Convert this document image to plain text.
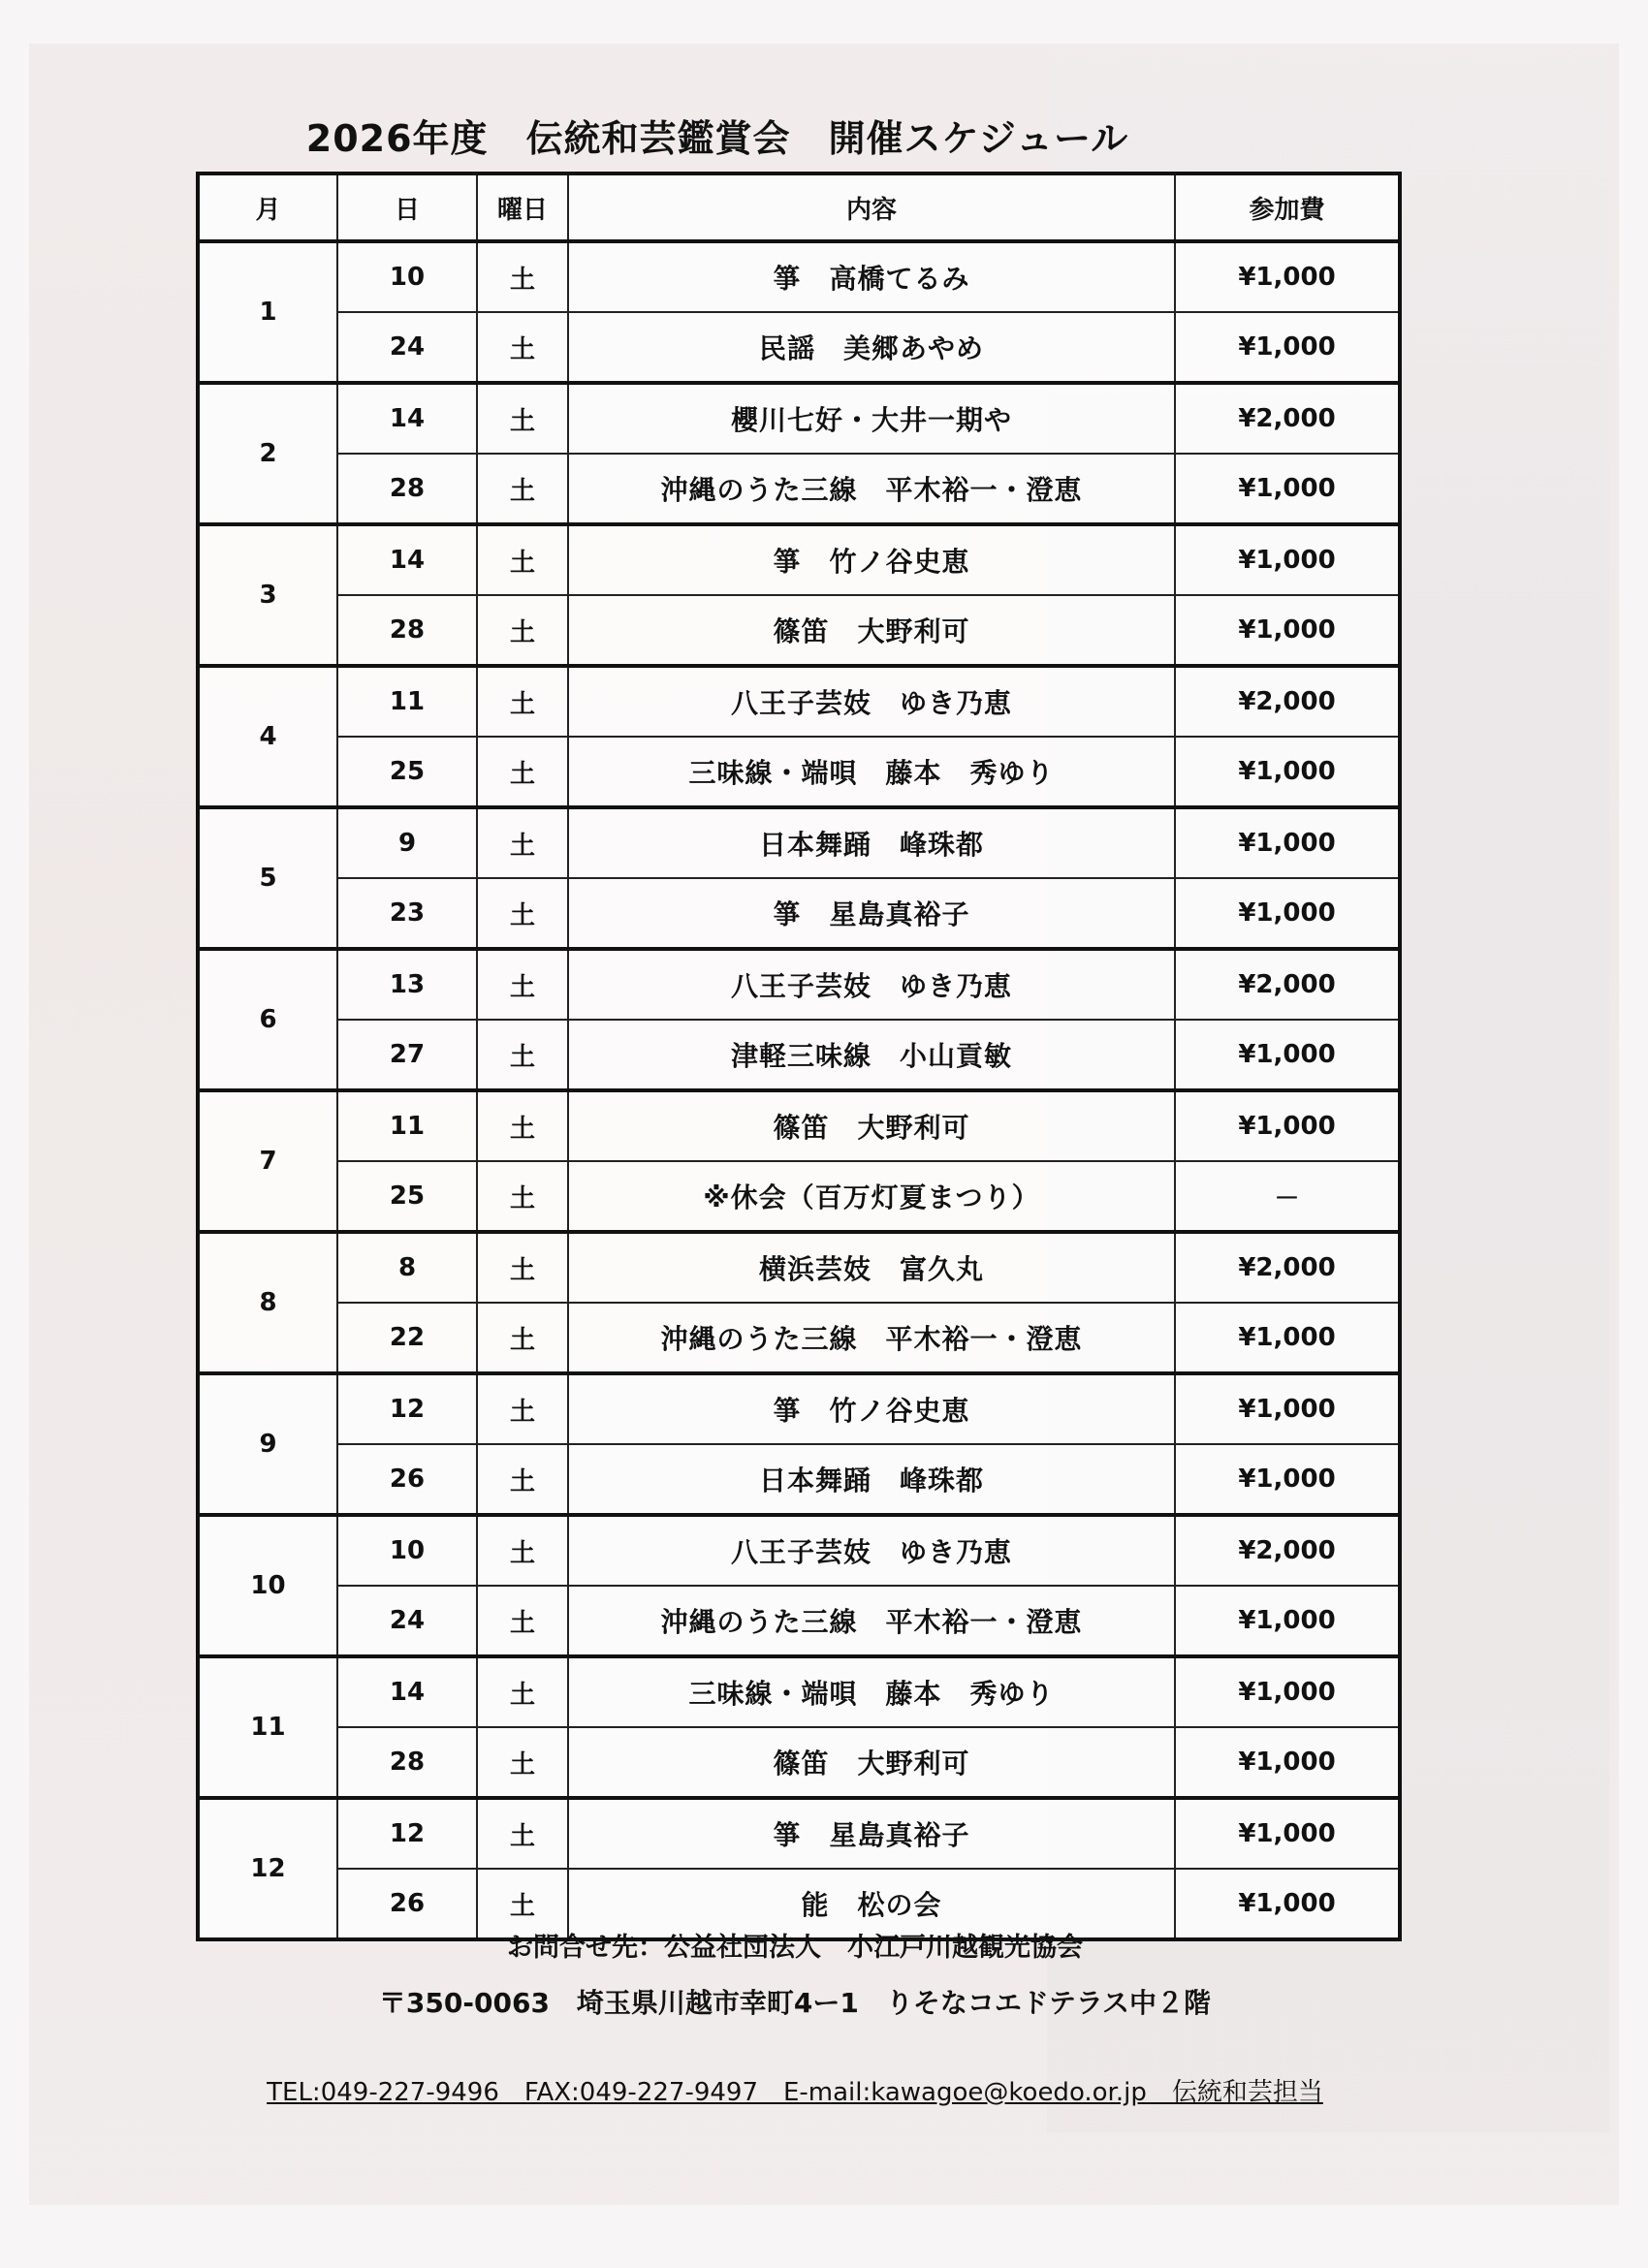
2026年度　伝統和芸鑑賞会　開催スケジュール
月	日	曜日	内容	参加費
1	10	土	箏　高橋てるみ	¥1,000
	24	土	民謡　美郷あやめ	¥1,000
2	14	土	櫻川七好・大井一期や	¥2,000
	28	土	沖縄のうた三線　平木裕一・澄恵	¥1,000
3	14	土	箏　竹ノ谷史恵	¥1,000
	28	土	篠笛　大野利可	¥1,000
4	11	土	八王子芸妓　ゆき乃恵	¥2,000
	25	土	三味線・端唄　藤本　秀ゆり	¥1,000
5	9	土	日本舞踊　峰珠都	¥1,000
	23	土	箏　星島真裕子	¥1,000
6	13	土	八王子芸妓　ゆき乃恵	¥2,000
	27	土	津軽三味線　小山貢敏	¥1,000
7	11	土	篠笛　大野利可	¥1,000
	25	土	※休会（百万灯夏まつり）	－
8	8	土	横浜芸妓　富久丸	¥2,000
	22	土	沖縄のうた三線　平木裕一・澄恵	¥1,000
9	12	土	箏　竹ノ谷史恵	¥1,000
	26	土	日本舞踊　峰珠都	¥1,000
10	10	土	八王子芸妓　ゆき乃恵	¥2,000
	24	土	沖縄のうた三線　平木裕一・澄恵	¥1,000
11	14	土	三味線・端唄　藤本　秀ゆり	¥1,000
	28	土	篠笛　大野利可	¥1,000
12	12	土	箏　星島真裕子	¥1,000
	26	土	能　松の会	¥1,000
お問合せ先：公益社団法人　小江戸川越観光協会
〒350-0063　埼玉県川越市幸町4ー1　りそなコエドテラス中２階
TEL:049-227-9496　FAX:049-227-9497　E-mail:kawagoe@koedo.or.jp　伝統和芸担当
